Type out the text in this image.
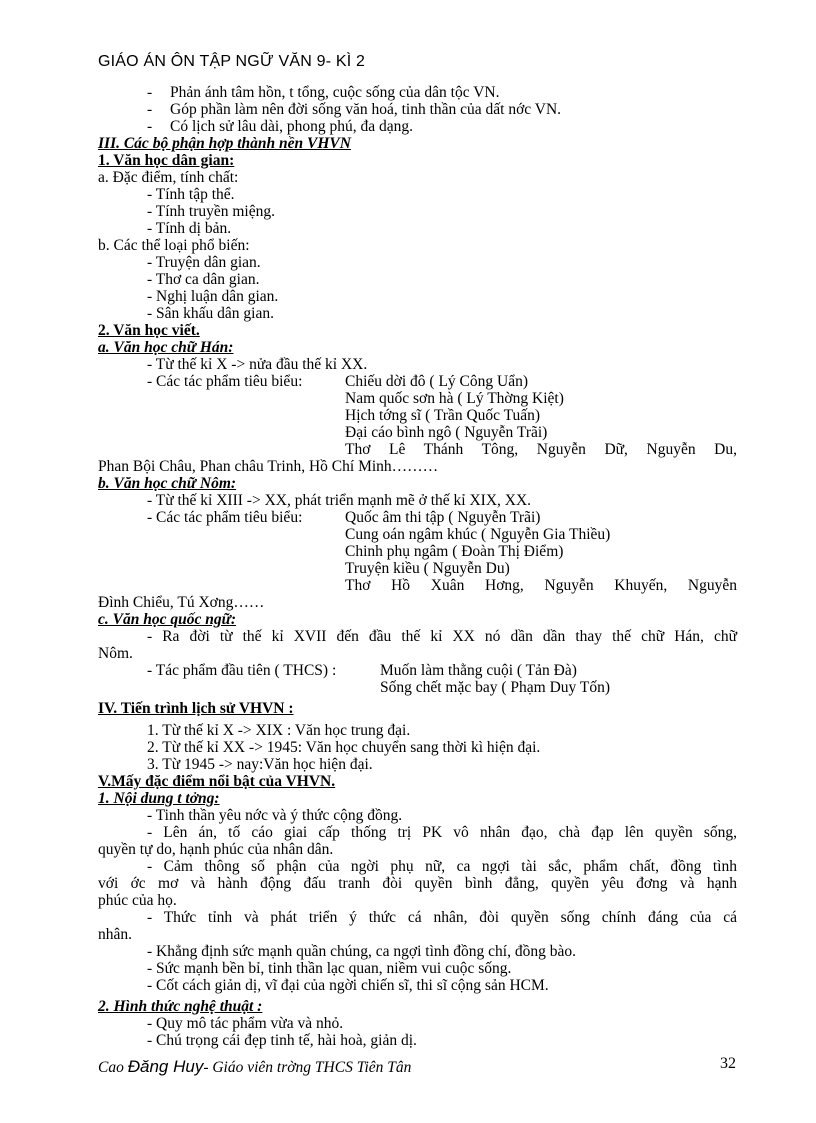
GIÁO ÁN ÔN TẬP NGỮ VĂN 9- KÌ 2
- Phản ánh tâm hồn, t tổng, cuộc sống của dân tộc VN.
- Góp phần làm nên đời sống văn hoá, tinh thần của dất nớc VN.
- Có lịch sử lâu dài, phong phú, đa dạng.
III. Các bộ phận hợp thành nền VHVN
1. Văn học dân gian:
a. Đặc điểm, tính chất:
- Tính tập thể.
- Tính truyền miệng.
- Tính dị bản.
b. Các thể loại phổ biến:
- Truyện dân gian.
- Thơ ca dân gian.
- Nghị luận dân gian.
- Sân khấu dân gian.
2. Văn học viết.
a. Văn học chữ Hán:
- Từ thế kỉ X -> nửa đầu thế kỉ XX.
- Các tác phẩm tiêu biểu:	Chiếu dời đô ( Lý Công Uẩn)
Nam quốc sơn hà ( Lý Thờng Kiệt)
Hịch tớng sĩ ( Trần Quốc Tuấn)
Đại cáo bình ngô ( Nguyễn Trãi)
Thơ Lê Thánh Tông, Nguyễn Dữ, Nguyễn Du,
Phan Bội Châu, Phan châu Trinh, Hồ Chí Minh………
b. Văn học chữ Nôm:
- Từ thế kỉ XIII -> XX, phát triển mạnh mẽ ở thế kỉ XIX, XX.
- Các tác phẩm tiêu biểu:	Quốc âm thi tập ( Nguyễn Trãi)
Cung oán ngâm khúc ( Nguyễn Gia Thiều)
Chinh phụ ngâm ( Đoàn Thị Điểm)
Truyện kiều ( Nguyễn Du)
Thơ Hồ Xuân Hơng, Nguyễn Khuyến, Nguyễn
Đình Chiểu, Tú Xơng……
c. Văn học quốc ngữ:
- Ra đời từ thế kỉ XVII đến đầu thế kỉ XX nó dần dần thay thế chữ Hán, chữ
Nôm.
- Tác phẩm đầu tiên ( THCS) :	Muốn làm thằng cuội ( Tản Đà)
Sống chết mặc bay ( Phạm Duy Tốn)
IV. Tiến trình lịch sử VHVN :
1. Từ thế kỉ X -> XIX : Văn học trung đại.
2. Từ thế kỉ XX -> 1945: Văn học chuyển sang thời kì hiện đại.
3. Từ 1945 -> nay:Văn học hiện đại.
V.Mấy đặc điểm nổi bật của VHVN.
1. Nội dung t tởng:
- Tinh thần yêu nớc và ý thức cộng đồng.
- Lên án, tố cáo giai cấp thống trị PK vô nhân đạo, chà đạp lên quyền sống,
quyền tự do, hạnh phúc của nhân dân.
- Cảm thông số phận của ngời phụ nữ, ca ngợi tài sắc, phẩm chất, đồng tình
với ớc mơ và hành động đấu tranh đòi quyền bình đẳng, quyền yêu đơng và hạnh
phúc của họ.
- Thức tỉnh và phát triển ý thức cá nhân, đòi quyền sống chính đáng của cá
nhân.
- Khẳng định sức mạnh quần chúng, ca ngợi tình đồng chí, đồng bào.
- Sức mạnh bền bỉ, tinh thần lạc quan, niềm vui cuộc sống.
- Cốt cách giản dị, vĩ đại của ngời chiến sĩ, thi sĩ cộng sản HCM.
2. Hình thức nghệ thuật :
- Quy mô tác phẩm vừa và nhỏ.
- Chú trọng cái đẹp tinh tế, hài hoà, giản dị.
Cao Đăng Huy- Giáo viên trờng THCS Tiên Tân	32
